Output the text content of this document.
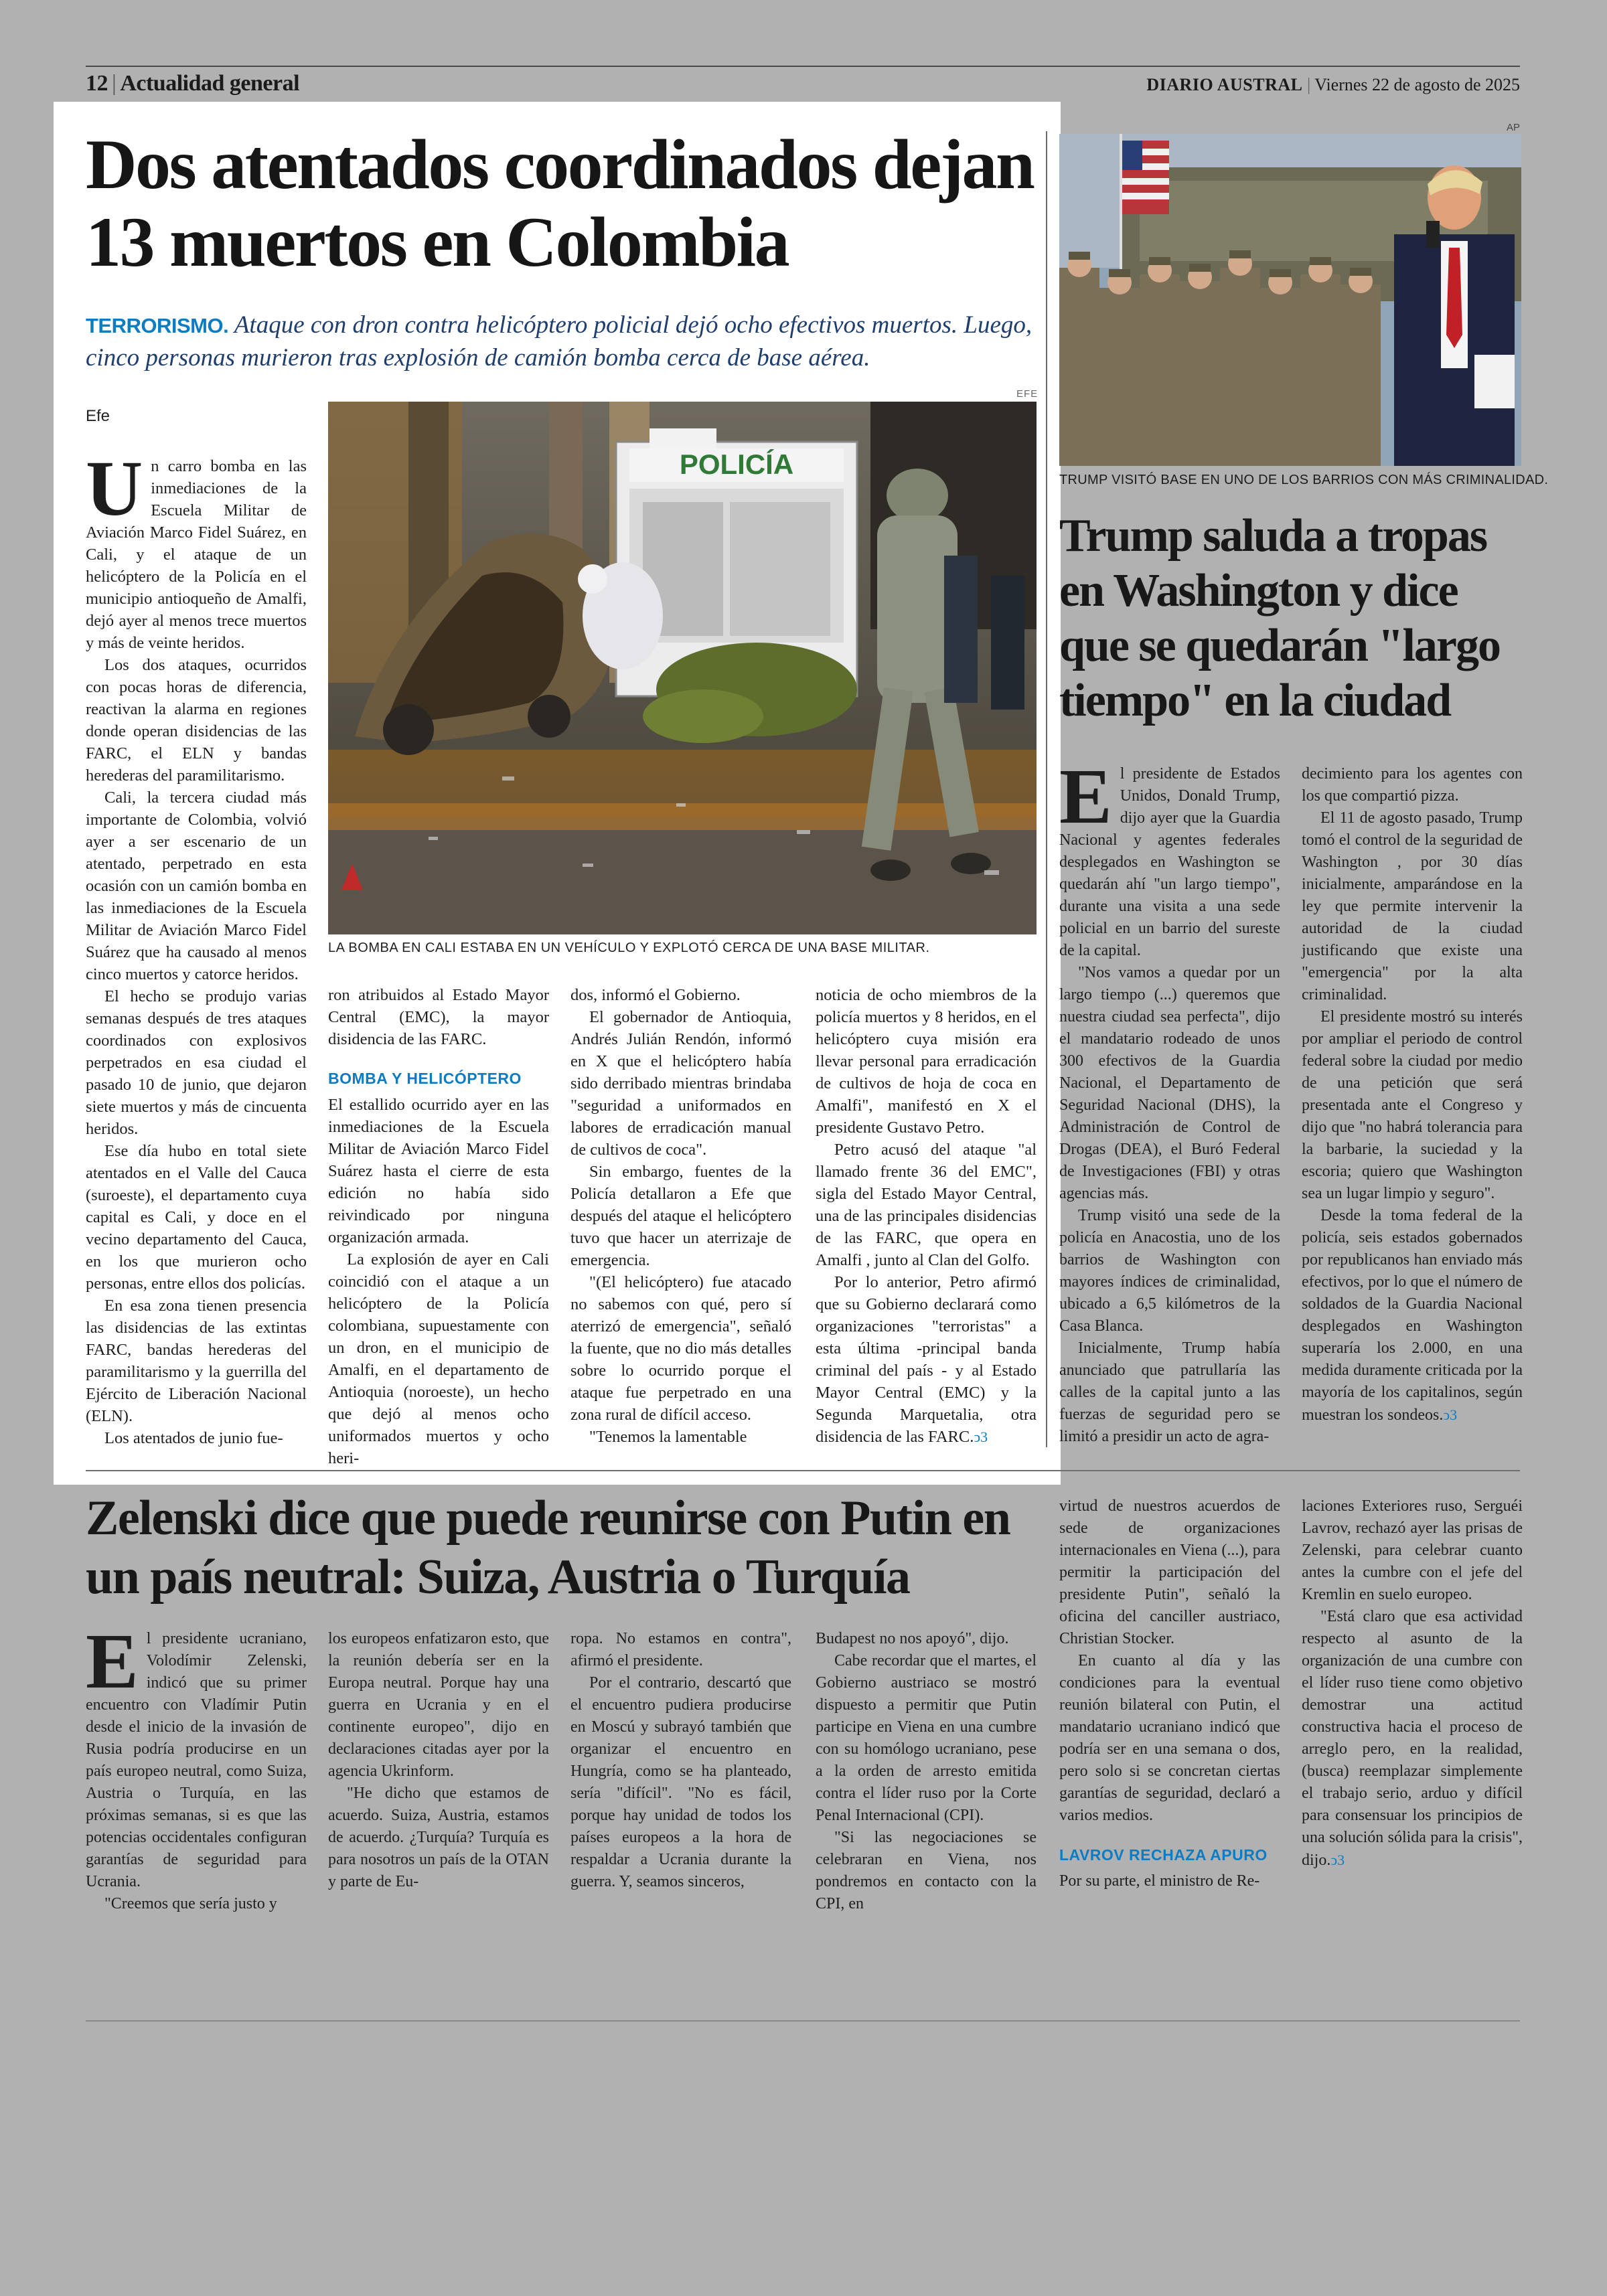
12 | Actualidad general	DIARIO AUSTRAL | Viernes 22 de agosto de 2025
Dos atentados coordinados dejan 13 muertos en Colombia
TERRORISMO. Ataque con dron contra helicóptero policial dejó ocho efectivos muertos. Luego, cinco personas murieron tras explosión de camión bomba cerca de base aérea.
Efe
EFE
POLICÍA
LA BOMBA EN CALI ESTABA EN UN VEHÍCULO Y EXPLOTÓ CERCA DE UNA BASE MILITAR.

Un carro bomba en las inmediaciones de la Escuela Militar de Aviación Marco Fidel Suárez, en Cali, y el ataque de un helicóptero de la Policía en el municipio antioqueño de Amalfi, dejó ayer al menos trece muertos y más de veinte heridos.

Los dos ataques, ocurridos con pocas horas de diferencia, reactivan la alarma en regiones donde operan disidencias de las FARC, el ELN y bandas herederas del paramilitarismo.

Cali, la tercera ciudad más importante de Colombia, volvió ayer a ser escenario de un atentado, perpetrado en esta ocasión con un camión bomba en las inmediaciones de la Escuela Militar de Aviación Marco Fidel Suárez que ha causado al menos cinco muertos y catorce heridos.

El hecho se produjo varias semanas después de tres ataques coordinados con explosivos perpetrados en esa ciudad el pasado 10 de junio, que dejaron siete muertos y más de cincuenta heridos.

Ese día hubo en total siete atentados en el Valle del Cauca (suroeste), el departamento cuya capital es Cali, y doce en el vecino departamento del Cauca, en los que murieron ocho personas, entre ellos dos policías.

En esa zona tienen presencia las disidencias de las extintas FARC, bandas herederas del paramilitarismo y la guerrilla del Ejército de Liberación Nacional (ELN).

Los atentados de junio fue-

ron atribuidos al Estado Mayor Central (EMC), la mayor disidencia de las FARC.

BOMBA Y HELICÓPTERO

El estallido ocurrido ayer en las inmediaciones de la Escuela Militar de Aviación Marco Fidel Suárez hasta el cierre de esta edición no había sido reivindicado por ninguna organización armada.

La explosión de ayer en Cali coincidió con el ataque a un helicóptero de la Policía colombiana, supuestamente con un dron, en el municipio de Amalfi, en el departamento de Antioquia (noroeste), un hecho que dejó al menos ocho uniformados muertos y ocho heri-

dos, informó el Gobierno.

El gobernador de Antioquia, Andrés Julián Rendón, informó en X que el helicóptero había sido derribado mientras brindaba "seguridad a uniformados en labores de erradicación manual de cultivos de coca".

Sin embargo, fuentes de la Policía detallaron a Efe que después del ataque el helicóptero tuvo que hacer un aterrizaje de emergencia.

"(El helicóptero) fue atacado no sabemos con qué, pero sí aterrizó de emergencia", señaló la fuente, que no dio más detalles sobre lo ocurrido porque el ataque fue perpetrado en una zona rural de difícil acceso.

"Tenemos la lamentable

noticia de ocho miembros de la policía muertos y 8 heridos, en el helicóptero cuya misión era llevar personal para erradicación de cultivos de hoja de coca en Amalfi", manifestó en X el presidente Gustavo Petro.

Petro acusó del ataque "al llamado frente 36 del EMC", sigla del Estado Mayor Central, una de las principales disidencias de las FARC, que opera en Amalfi , junto al Clan del Golfo.

Por lo anterior, Petro afirmó que su Gobierno declarará como organizaciones "terroristas" a esta última -principal banda criminal del país - y al Estado Mayor Central (EMC) y la Segunda Marquetalia, otra disidencia de las FARC.ↄ3

AP
TRUMP VISITÓ BASE EN UNO DE LOS BARRIOS CON MÁS CRIMINALIDAD.
Trump saluda a tropas en Washington y dice que se quedarán "largo tiempo" en la ciudad

El presidente de Estados Unidos, Donald Trump, dijo ayer que la Guardia Nacional y agentes federales desplegados en Washington se quedarán ahí "un largo tiempo", durante una visita a una sede policial en un barrio del sureste de la capital.

"Nos vamos a quedar por un largo tiempo (...) queremos que nuestra ciudad sea perfecta", dijo el mandatario rodeado de unos 300 efectivos de la Guardia Nacional, el Departamento de Seguridad Nacional (DHS), la Administración de Control de Drogas (DEA), el Buró Federal de Investigaciones (FBI) y otras agencias más.

Trump visitó una sede de la policía en Anacostia, uno de los barrios de Washington con mayores índices de criminalidad, ubicado a 6,5 kilómetros de la Casa Blanca.

Inicialmente, Trump había anunciado que patrullaría las calles de la capital junto a las fuerzas de seguridad pero se limitó a presidir un acto de agra-

decimiento para los agentes con los que compartió pizza.

El 11 de agosto pasado, Trump tomó el control de la seguridad de Washington , por 30 días inicialmente, amparándose en la ley que permite intervenir la autoridad de la ciudad justificando que existe una "emergencia" por la alta criminalidad.

El presidente mostró su interés por ampliar el periodo de control federal sobre la ciudad por medio de una petición que será presentada ante el Congreso y dijo que "no habrá tolerancia para la barbarie, la suciedad y la escoria; quiero que Washington sea un lugar limpio y seguro".

Desde la toma federal de la policía, seis estados gobernados por republicanos han enviado más efectivos, por lo que el número de soldados de la Guardia Nacional desplegados en Washington superaría los 2.000, en una medida duramente criticada por la mayoría de los capitalinos, según muestran los sondeos.ↄ3

Zelenski dice que puede reunirse con Putin en un país neutral: Suiza, Austria o Turquía

El presidente ucraniano, Volodímir Zelenski, indicó que su primer encuentro con Vladímir Putin desde el inicio de la invasión de Rusia podría producirse en un país europeo neutral, como Suiza, Austria o Turquía, en las próximas semanas, si es que las potencias occidentales configuran garantías de seguridad para Ucrania.

"Creemos que sería justo y

los europeos enfatizaron esto, que la reunión debería ser en la Europa neutral. Porque hay una guerra en Ucrania y en el continente europeo", dijo en declaraciones citadas ayer por la agencia Ukrinform.

"He dicho que estamos de acuerdo. Suiza, Austria, estamos de acuerdo. ¿Turquía? Turquía es para nosotros un país de la OTAN y parte de Eu-

ropa. No estamos en contra", afirmó el presidente.

Por el contrario, descartó que el encuentro pudiera producirse en Moscú y subrayó también que organizar el encuentro en Hungría, como se ha planteado, sería "difícil". "No es fácil, porque hay unidad de todos los países europeos a la hora de respaldar a Ucrania durante la guerra. Y, seamos sinceros,

Budapest no nos apoyó", dijo.

Cabe recordar que el martes, el Gobierno austriaco se mostró dispuesto a permitir que Putin participe en Viena en una cumbre con su homólogo ucraniano, pese a la orden de arresto emitida contra el líder ruso por la Corte Penal Internacional (CPI).

"Si las negociaciones se celebraran en Viena, nos pondremos en contacto con la CPI, en

virtud de nuestros acuerdos de sede de organizaciones internacionales en Viena (...), para permitir la participación del presidente Putin", señaló la oficina del canciller austriaco, Christian Stocker.

En cuanto al día y las condiciones para la eventual reunión bilateral con Putin, el mandatario ucraniano indicó que podría ser en una semana o dos, pero solo si se concretan ciertas garantías de seguridad, declaró a varios medios.

LAVROV RECHAZA APURO

Por su parte, el ministro de Re-

laciones Exteriores ruso, Serguéi Lavrov, rechazó ayer las prisas de Zelenski, para celebrar cuanto antes la cumbre con el jefe del Kremlin en suelo europeo.

"Está claro que esa actividad respecto al asunto de la organización de una cumbre con el líder ruso tiene como objetivo demostrar una actitud constructiva hacia el proceso de arreglo pero, en la realidad, (busca) reemplazar simplemente el trabajo serio, arduo y difícil para consensuar los principios de una solución sólida para la crisis", dijo.ↄ3
